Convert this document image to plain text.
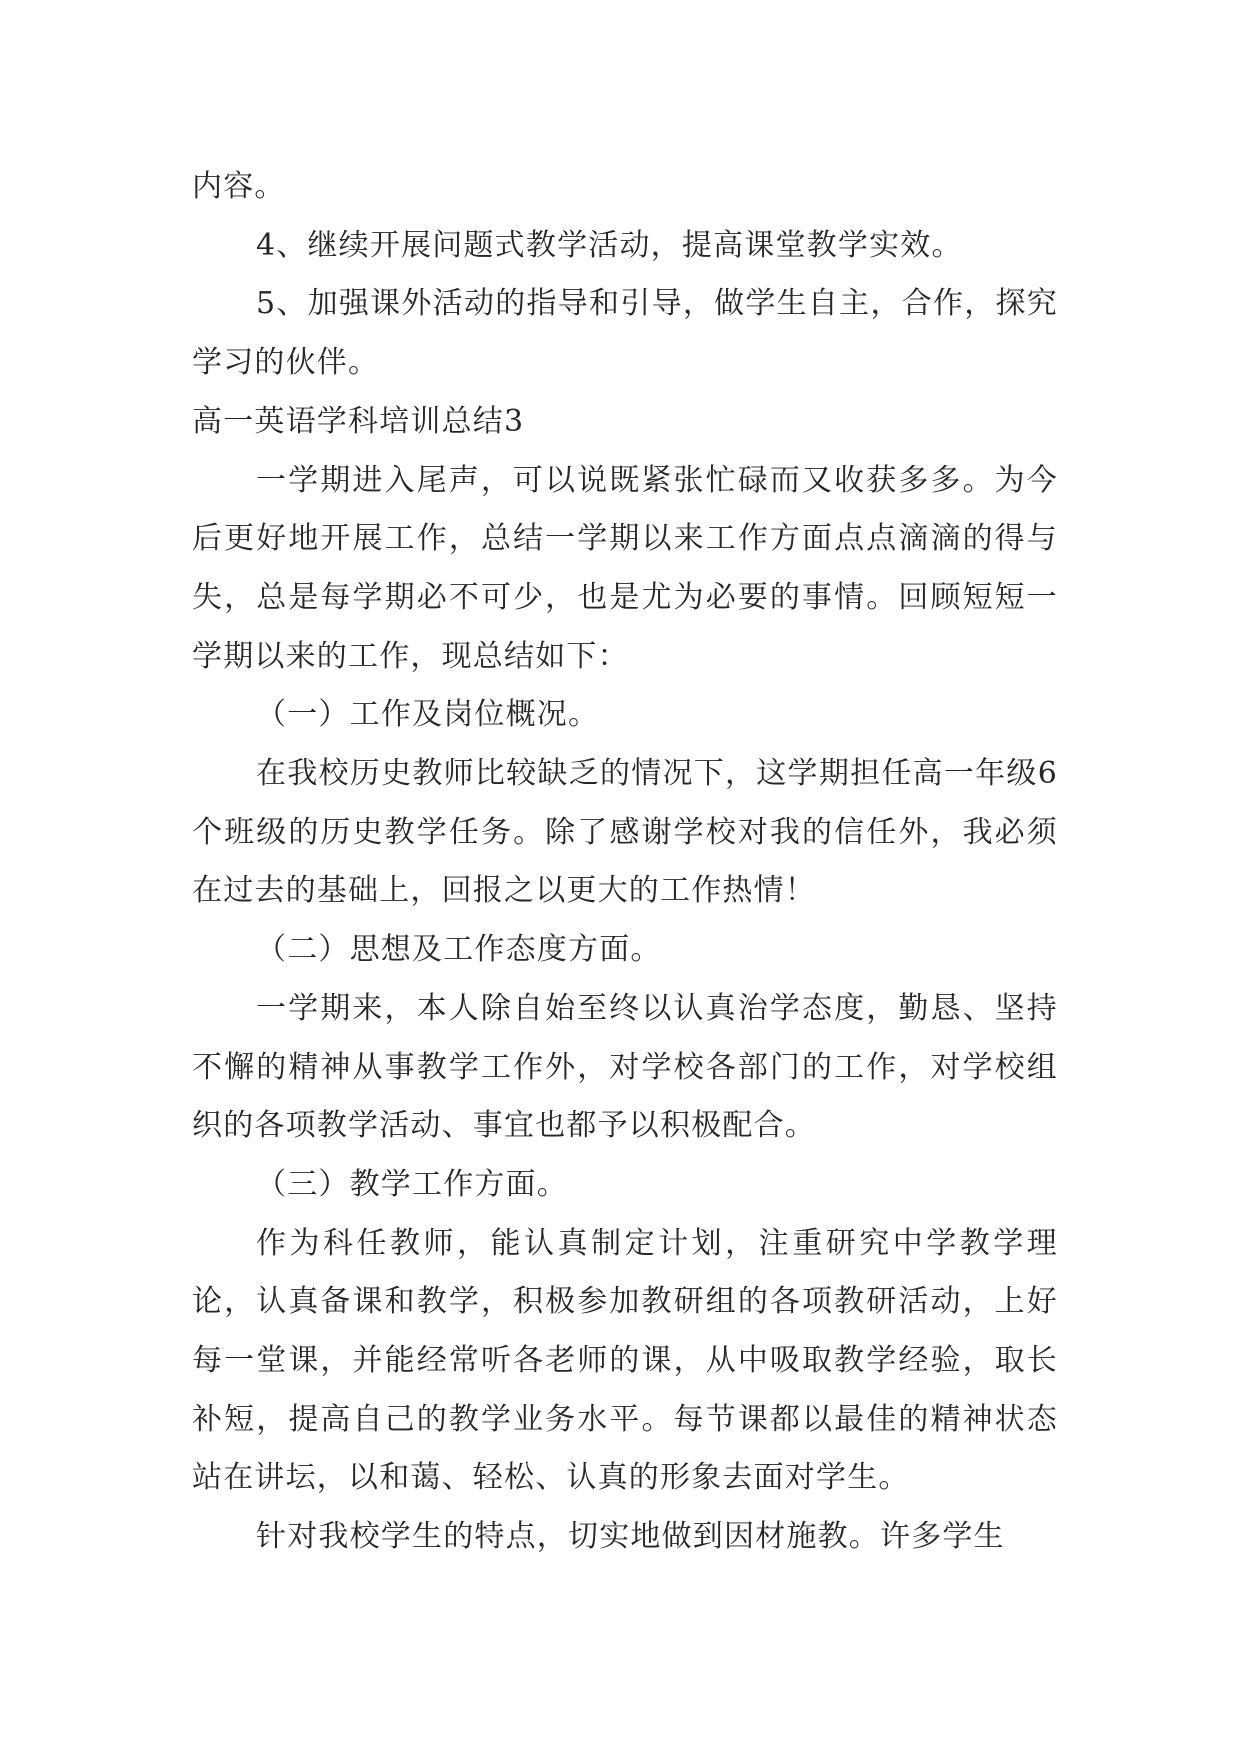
内容。

4、继续开展问题式教学活动，提高课堂教学实效。

5、加强课外活动的指导和引导，做学生自主，合作，探究学习的伙伴。

高一英语学科培训总结3

一学期进入尾声，可以说既紧张忙碌而又收获多多。为今后更好地开展工作，总结一学期以来工作方面点点滴滴的得与失，总是每学期必不可少，也是尤为必要的事情。回顾短短一学期以来的工作，现总结如下：

（一）工作及岗位概况。

在我校历史教师比较缺乏的情况下，这学期担任高一年级6个班级的历史教学任务。除了感谢学校对我的信任外，我必须在过去的基础上，回报之以更大的工作热情！

（二）思想及工作态度方面。

一学期来，本人除自始至终以认真治学态度，勤恳、坚持不懈的精神从事教学工作外，对学校各部门的工作，对学校组织的各项教学活动、事宜也都予以积极配合。

（三）教学工作方面。

作为科任教师，能认真制定计划，注重研究中学教学理论，认真备课和教学，积极参加教研组的各项教研活动，上好每一堂课，并能经常听各老师的课，从中吸取教学经验，取长补短，提高自己的教学业务水平。每节课都以最佳的精神状态站在讲坛，以和蔼、轻松、认真的形象去面对学生。

针对我校学生的特点，切实地做到因材施教。许多学生
